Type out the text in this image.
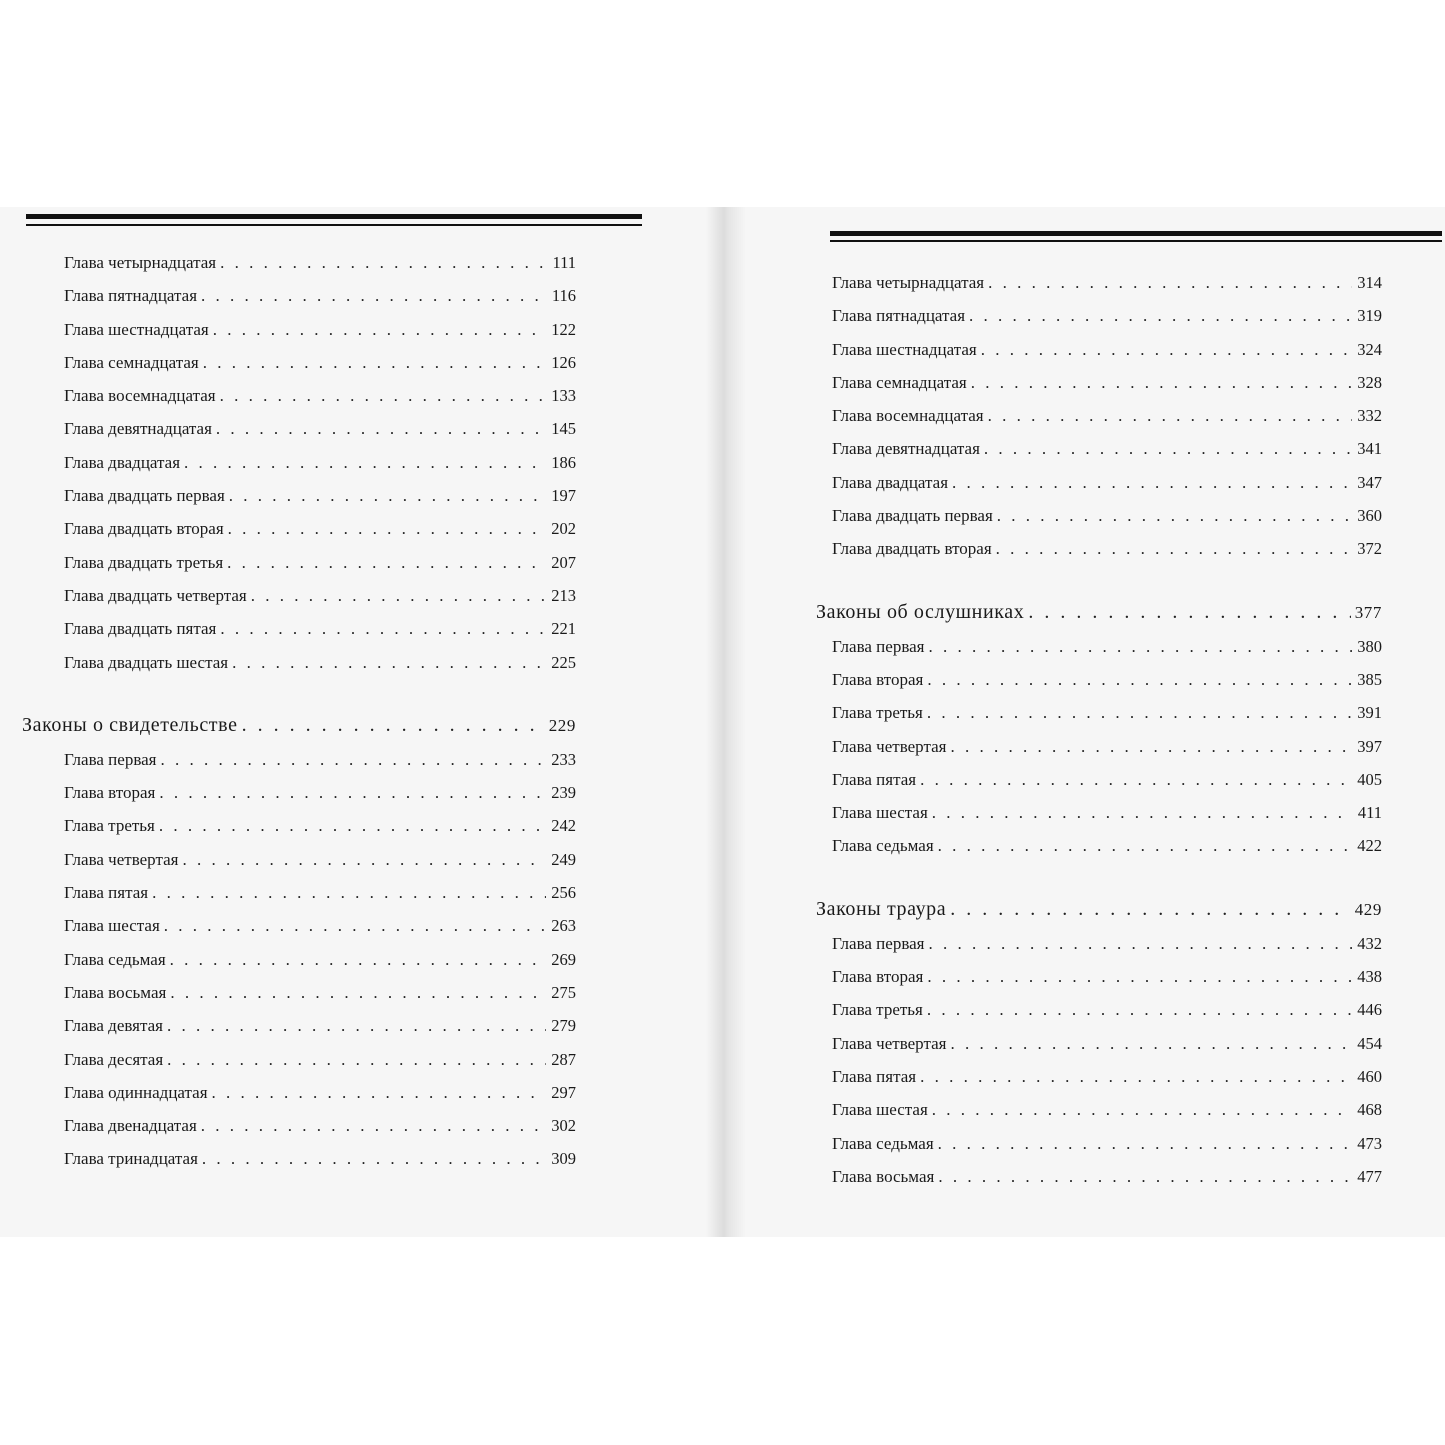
Глава четырнадцатая . . .	111
Глава пятнадцатая . . .	116
Глава шестнадцатая . . .	122
Глава семнадцатая . . .	126
Глава восемнадцатая . . .	133
Глава девятнадцатая . . .	145
Глава двадцатая . . .	186
Глава двадцать первая . . .	197
Глава двадцать вторая . . .	202
Глава двадцать третья . . .	207
Глава двадцать четвертая . . .	213
Глава двадцать пятая . . .	221
Глава двадцать шестая . . .	225
Законы о свидетельстве . . .	229
Глава первая . . .	233
Глава вторая . . .	239
Глава третья . . .	242
Глава четвертая . . .	249
Глава пятая . . .	256
Глава шестая . . .	263
Глава седьмая . . .	269
Глава восьмая . . .	275
Глава девятая . . .	279
Глава десятая . . .	287
Глава одиннадцатая . . .	297
Глава двенадцатая . . .	302
Глава тринадцатая . . .	309
Глава четырнадцатая . . .	314
Глава пятнадцатая . . .	319
Глава шестнадцатая . . .	324
Глава семнадцатая . . .	328
Глава восемнадцатая . . .	332
Глава девятнадцатая . . .	341
Глава двадцатая . . .	347
Глава двадцать первая . . .	360
Глава двадцать вторая . . .	372
Законы об ослушниках . . .	377
Глава первая . . .	380
Глава вторая . . .	385
Глава третья . . .	391
Глава четвертая . . .	397
Глава пятая . . .	405
Глава шестая . . .	411
Глава седьмая . . .	422
Законы траура . . .	429
Глава первая . . .	432
Глава вторая . . .	438
Глава третья . . .	446
Глава четвертая . . .	454
Глава пятая . . .	460
Глава шестая . . .	468
Глава седьмая . . .	473
Глава восьмая . . .	477
